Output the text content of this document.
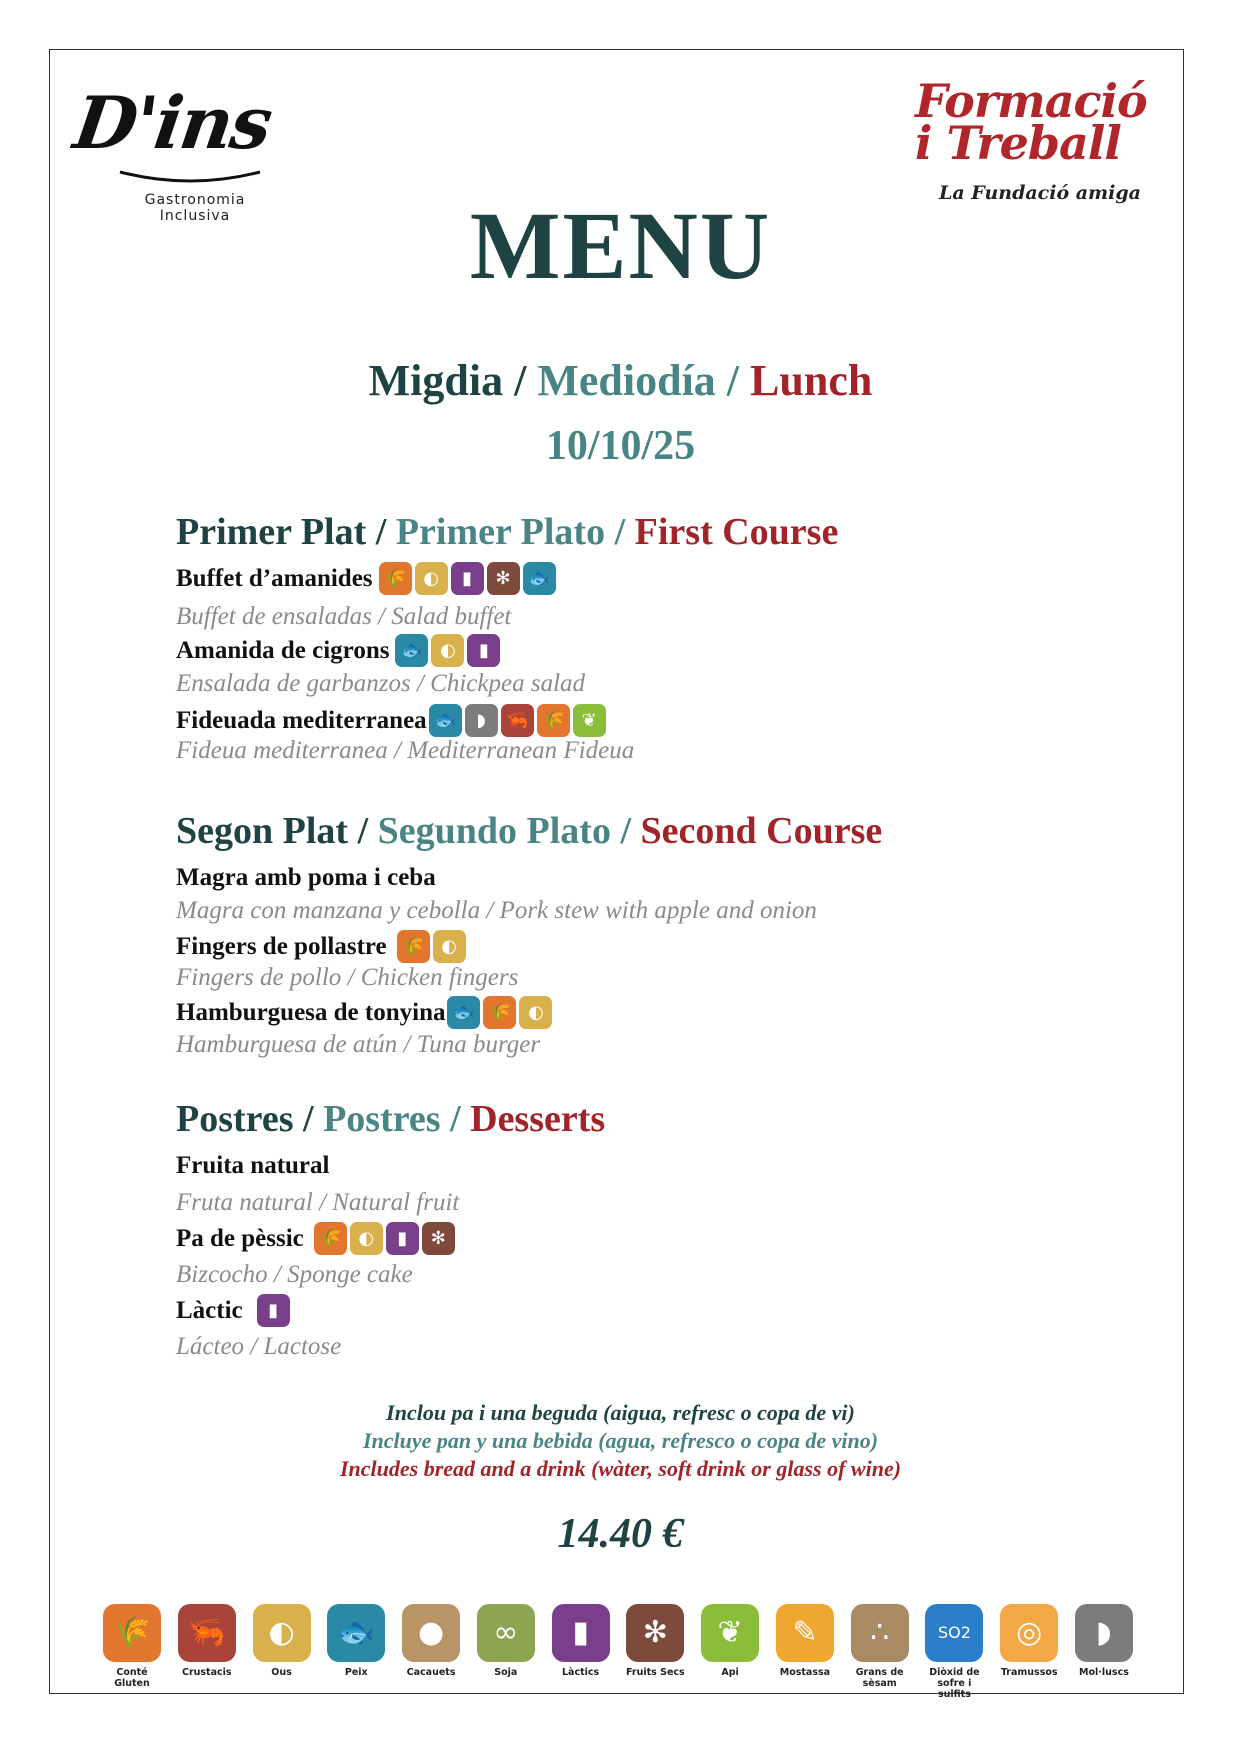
D'ins
Gastronomia
Inclusiva
Formació
i Treball
La Fundació amiga
MENU
Migdia / Mediodía / Lunch
10/10/25
Primer Plat / Primer Plato / First Course
Buffet d’amanides 🌾 ◐	▮	✻ 🐟
Buffet de ensaladas / Salad buffet
Amanida de cigrons 🐟 ◐	▮
Ensalada de garbanzos / Chickpea salad
Fideuada mediterranea 🐟	◗	🦐 🌾 ❦
Fideua mediterranea / Mediterranean Fideua
Segon Plat / Segundo Plato / Second Course
Magra amb poma i ceba
Magra con manzana y cebolla / Pork stew with apple and onion
Fingers de pollastre 🌾 ◐
Fingers de pollo / Chicken fingers
Hamburguesa de tonyina 🐟 🌾 ◐
Hamburguesa de atún / Tuna burger
Postres / Postres / Desserts
Fruita natural
Fruta natural / Natural fruit
Pa de pèssic 🌾 ◐	▮	✻
Bizcocho / Sponge cake
Làctic	▮
Lácteo / Lactose
Inclou pa i una beguda (aigua, refresc o copa de vi)
Incluye pan y una bebida (agua, refresco o copa de vino)
Includes bread and a drink (wàter, soft drink or glass of wine)
14.40 €
🌾
Conté Gluten
🦐
Crustacis
◐
Ous
🐟
Peix
●
Cacauets
∞
Soja
▮
Làctics
✻
Fruits Secs
❦
Api
✎
Mostassa
∴
Grans de sèsam
SO2
Diòxid de sofre i sulfits
◎
Tramussos
◗
Mol·luscs
